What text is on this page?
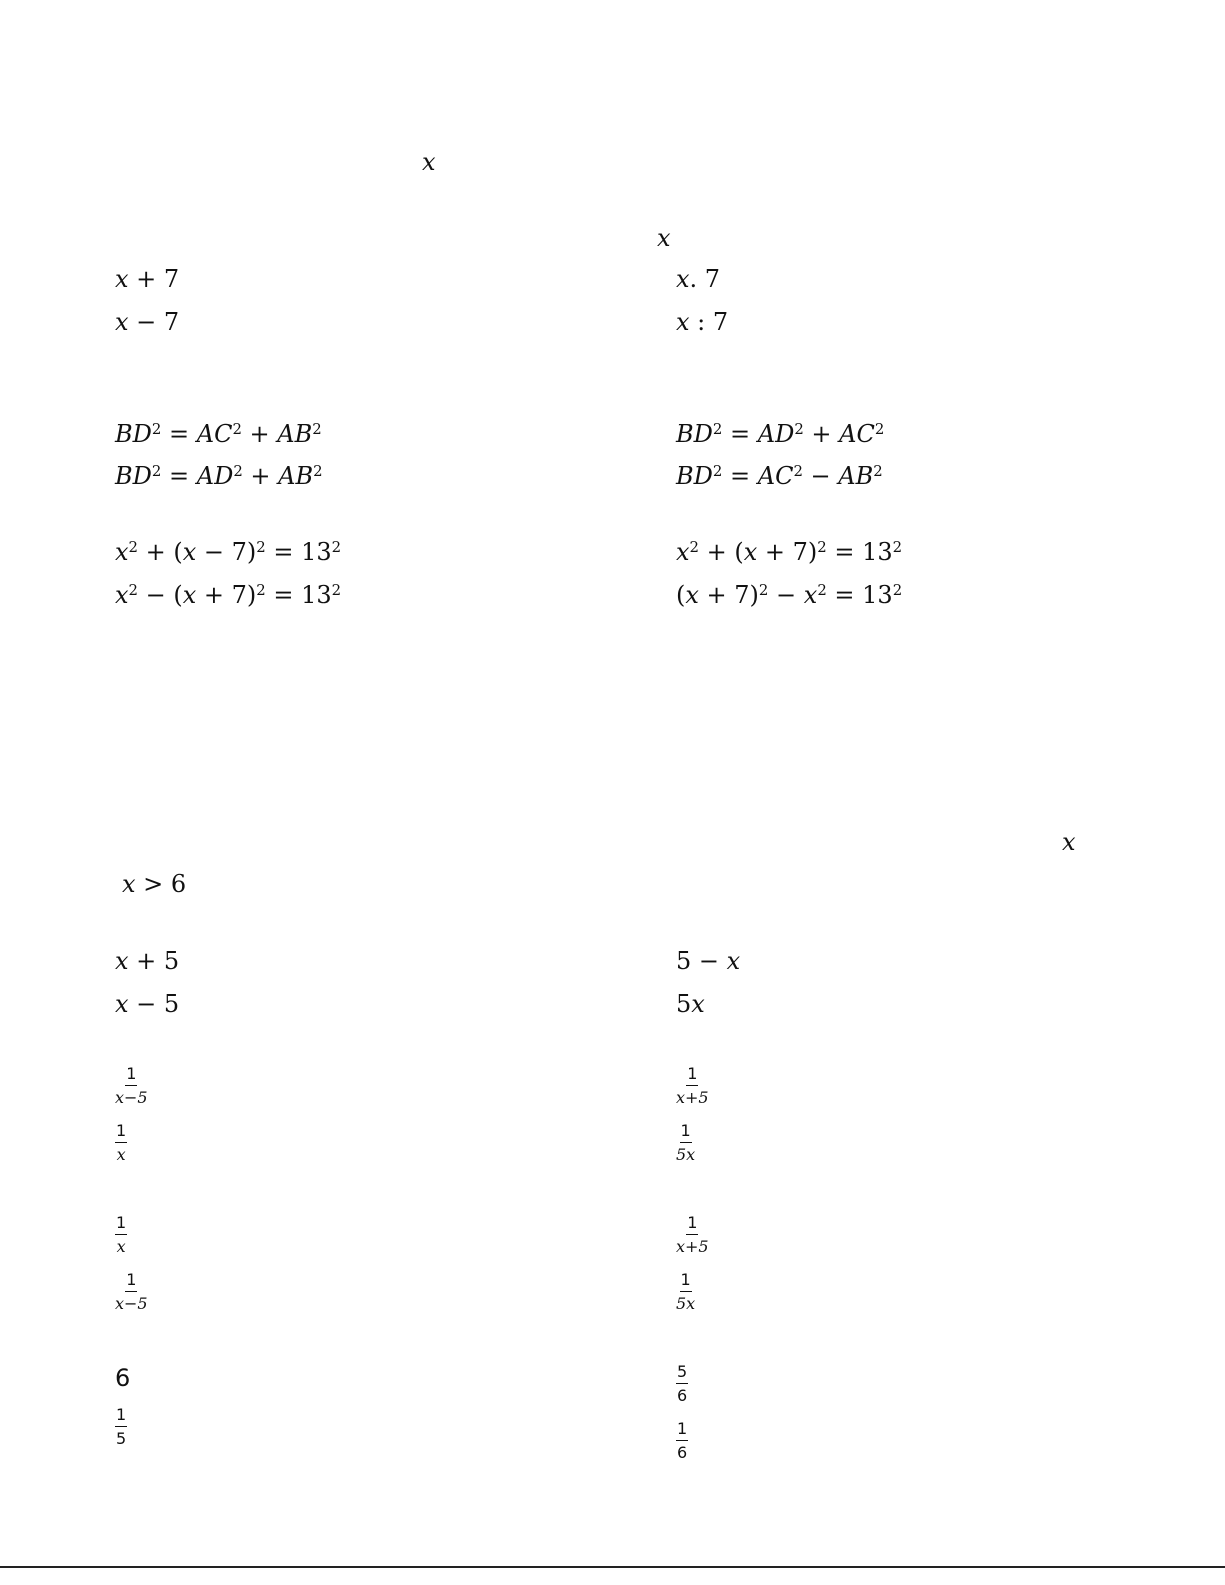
x
x
x + 7	x. 7
x − 7	x : 7
$BD^2 = AC^2 + AB^2$	$BD^2 = AD^2 + AC^2$
$BD^2 = AD^2 + AB^2$	$BD^2 = AC^2 - AB^2$
$x^2 + (x - 7)^2 = 13^2$	$x^2 + (x + 7)^2 = 13^2$
$x^2 - (x + 7)^2 = 13^2$	$(x + 7)^2 - x^2 = 13^2$
x
x > 6
x + 5	5 − x
x − 5	5x
$\frac{1}{x-5}$	$\frac{1}{x+5}$
$\frac{1}{x}$	$\frac{1}{5x}$
$\frac{1}{x}$	$\frac{1}{x+5}$
$\frac{1}{x-5}$	$\frac{1}{5x}$
6	$\frac{5}{6}$
$\frac{1}{5}$	$\frac{1}{6}$
